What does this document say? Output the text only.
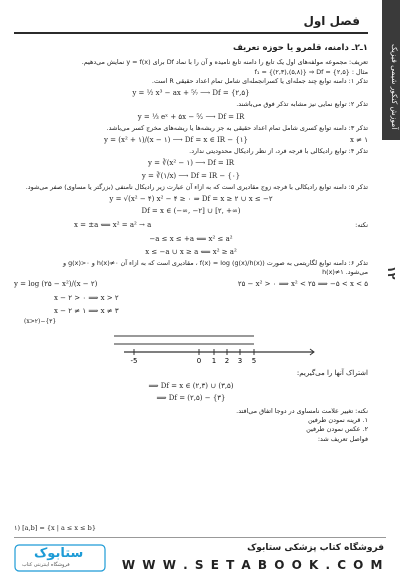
فصل اول
آموزش کنکور شیمی فیزیک
۱۲
۱ـ۲ـ دامنه، قلمرو یا حوزه تعریف

تعریف: مجموعه مولفه‌های اول یک تابع را دامنه تابع نامیده و آن را با نماد Df برای y = f(x) نمایش می‌دهیم.

مثال : f₁ = {(۲,۳),(۵,۸)} ⇒ Df = {۲,۵}

تذکر ۱: دامنه توابع چند جمله‌ای یا کسرانجمله‌ای شامل تمام اعداد حقیقی R است.

y = ½ x³ − ax + ⁵⁄₇ ⟶ Df = {۲,۵}

تذکر ۲: توابع نمایی نیز مشابه تذکر فوق می‌باشند.

y = ⅓ eˣ + ۵x − ⁵⁄₂ ⟶ Df = IR

تذکر ۳: دامنه توابع کسری شامل تمام اعداد حقیقی به جز ریشه‌ها یا ریشه‌های مخرج کسر می‌باشد.

y = (x² + ۱)/(x − ۱) ⟶ Df = x ∈ IR − {۱}	x ≠ ۱

تذکر ۴: توابع رادیکالی با فرجه فرد، از نظر رادیکال محدودیتی ندارد.

y = ∛(x² − ۱) ⟶ Df = IR
y = ∛(۱/x) ⟶ Df = IR − {۰}

تذکر ۵: دامنه توابع رادیکالی با فرجه زوج مقادیری است که به ازاء آن عبارت زیر رادیکال نامنفی (بزرگتر یا مساوی) صفر می‌شود.

y = √(x² − ۴) x² − ۴ ≥ ۰ ⇒ Df = x ≥ ۲ ∪ x ≤ −۲
Df = x ∈ (−∞, −۲] ∪ [۲, +∞)
x = ±a ⟸ x² = a² → a	نکته:
−a ≤ x ≤ +a ⟸ x² ≤ a²
x ≤ −a ∪ x ≥ a ⟸ x² ≥ a²

تذکر ۶: دامنه توابع لگاریتمی به صورت f(x) = log (g(x)/h(x)) ، مقادیری است که به ازاء آن h(x)≠۰ و g(x)>۰ و

می‌شود. h(x)≠۱

y = log (۲۵ − x²)/(x − ۲)	۲۵ − x² > ۰ ⟹ x² < ۲۵ ⟹ −۵ < x < ۵
x − ۲ > ۰ ⟹ x > ۲
x − ۲ ≠ ۱ ⟹ x ≠ ۳
(x>۲)−{۳}
-5	0 1 2 3 5
اشتراک آنها را می‌گیریم:
⟹ Df = x ∈ (۲,۳) ∪ (۳,۵)
⟹ Df = (۲,۵) − {۳}

نکته: تغییر علامت نامساوی در دوجا اتفاق می‌افتد.

۱. قرینه نمودن طرفین

۲. عکس نمودن طرفین

فواصل تعریف شد:

۱) [a,b] = {x | a ≤ x ≤ b}
ستابوک
فروشگاه اینترنتی کتاب
فروشگاه کتاب پزشکی ستابوک
W W W . S E T A B O O K . C O M
